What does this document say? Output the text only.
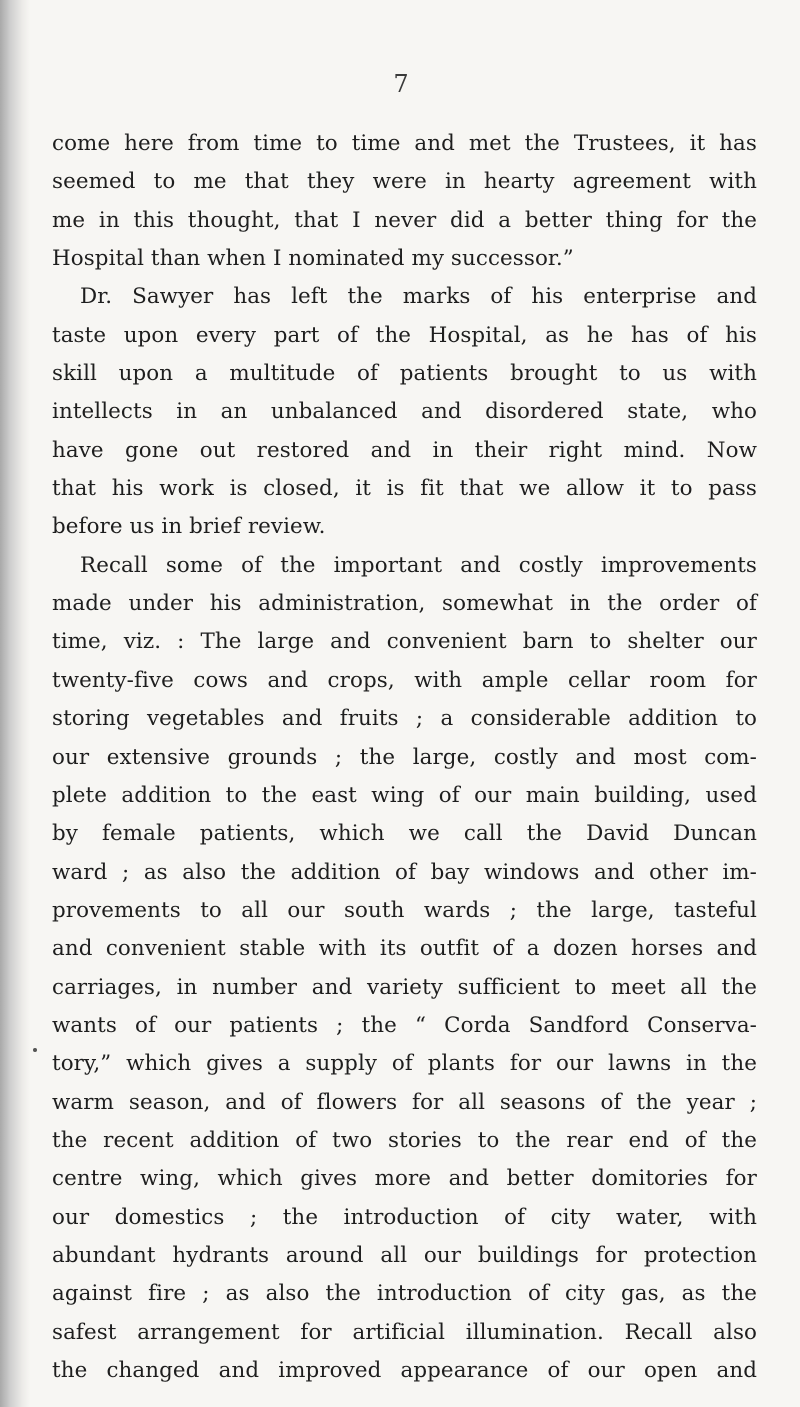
7
come here from time to time and met the Trustees, it has
seemed to me that they were in hearty agreement with
me in this thought, that I never did a better thing for the
Hospital than when I nominated my successor.”
Dr. Sawyer has left the marks of his enterprise and
taste upon every part of the Hospital, as he has of his
skill upon a multitude of patients brought to us with
intellects in an unbalanced and disordered state, who
have gone out restored and in their right mind. Now
that his work is closed, it is fit that we allow it to pass
before us in brief review.
Recall some of the important and costly improvements
made under his administration, somewhat in the order of
time, viz. : The large and convenient barn to shelter our
twenty-five cows and crops, with ample cellar room for
storing vegetables and fruits ; a considerable addition to
our extensive grounds ; the large, costly and most com-
plete addition to the east wing of our main building, used
by female patients, which we call the David Duncan
ward ; as also the addition of bay windows and other im-
provements to all our south wards ; the large, tasteful
and convenient stable with its outfit of a dozen horses and
carriages, in number and variety sufficient to meet all the
wants of our patients ; the “ Corda Sandford Conserva-
tory,” which gives a supply of plants for our lawns in the
warm season, and of flowers for all seasons of the year ;
the recent addition of two stories to the rear end of the
centre wing, which gives more and better domitories for
our domestics ; the introduction of city water, with
abundant hydrants around all our buildings for protection
against fire ; as also the introduction of city gas, as the
safest arrangement for artificial illumination. Recall also
the changed and improved appearance of our open and
